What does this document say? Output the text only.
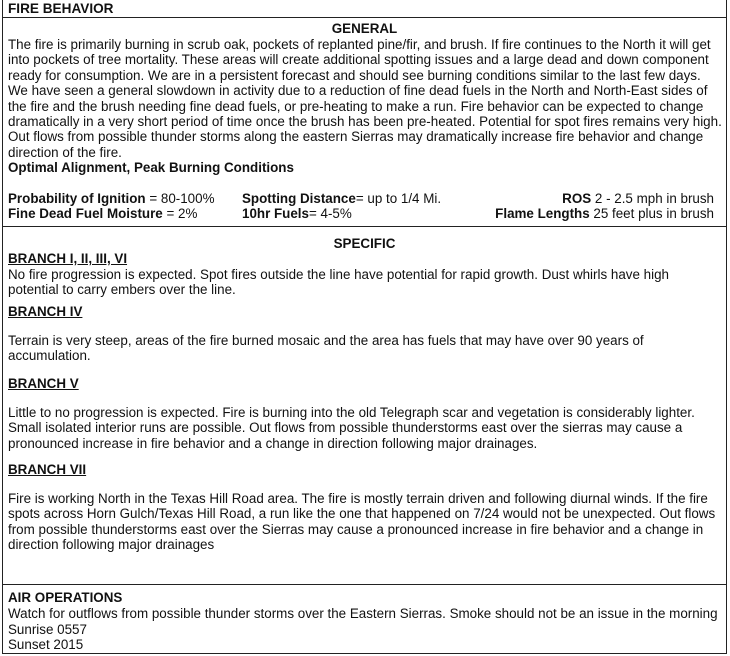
FIRE BEHAVIOR
GENERAL

The fire is primarily burning in scrub oak, pockets of replanted pine/fir, and brush. If fire continues to the North it will get into pockets of tree mortality. These areas will create additional spotting issues and a large dead and down component ready for consumption. We are in a persistent forecast and should see burning conditions similar to the last few days. We have seen a general slowdown in activity due to a reduction of fine dead fuels in the North and North-East sides of the fire and the brush needing fine dead fuels, or pre-heating to make a run. Fire behavior can be expected to change dramatically in a very short period of time once the brush has been pre-heated. Potential for spot fires remains very high. Out flows from possible thunder storms along the eastern Sierras may dramatically increase fire behavior and change direction of the fire.

Optimal Alignment, Peak Burning Conditions
Probability of Ignition = 80-100% Spotting Distance= up to 1/4 Mi.	ROS 2 - 2.5 mph in brush
Fine Dead Fuel Moisture = 2%	10hr Fuels= 4-5%	Flame Lengths 25 feet plus in brush
SPECIFIC
BRANCH I, II, III, VI

No fire progression is expected. Spot fires outside the line have potential for rapid growth. Dust whirls have high potential to carry embers over the line.

BRANCH IV

Terrain is very steep, areas of the fire burned mosaic and the area has fuels that may have over 90 years of accumulation.

BRANCH V

Little to no progression is expected. Fire is burning into the old Telegraph scar and vegetation is considerably lighter. Small isolated interior runs are possible. Out flows from possible thunderstorms east over the sierras may cause a pronounced increase in fire behavior and a change in direction following major drainages.

BRANCH VII

Fire is working North in the Texas Hill Road area. The fire is mostly terrain driven and following diurnal winds. If the fire spots across Horn Gulch/Texas Hill Road, a run like the one that happened on 7/24 would not be unexpected. Out flows from possible thunderstorms east over the Sierras may cause a pronounced increase in fire behavior and a change in direction following major drainages

AIR OPERATIONS

Watch for outflows from possible thunder storms over the Eastern Sierras. Smoke should not be an issue in the morning

Sunrise 0557
Sunset 2015
